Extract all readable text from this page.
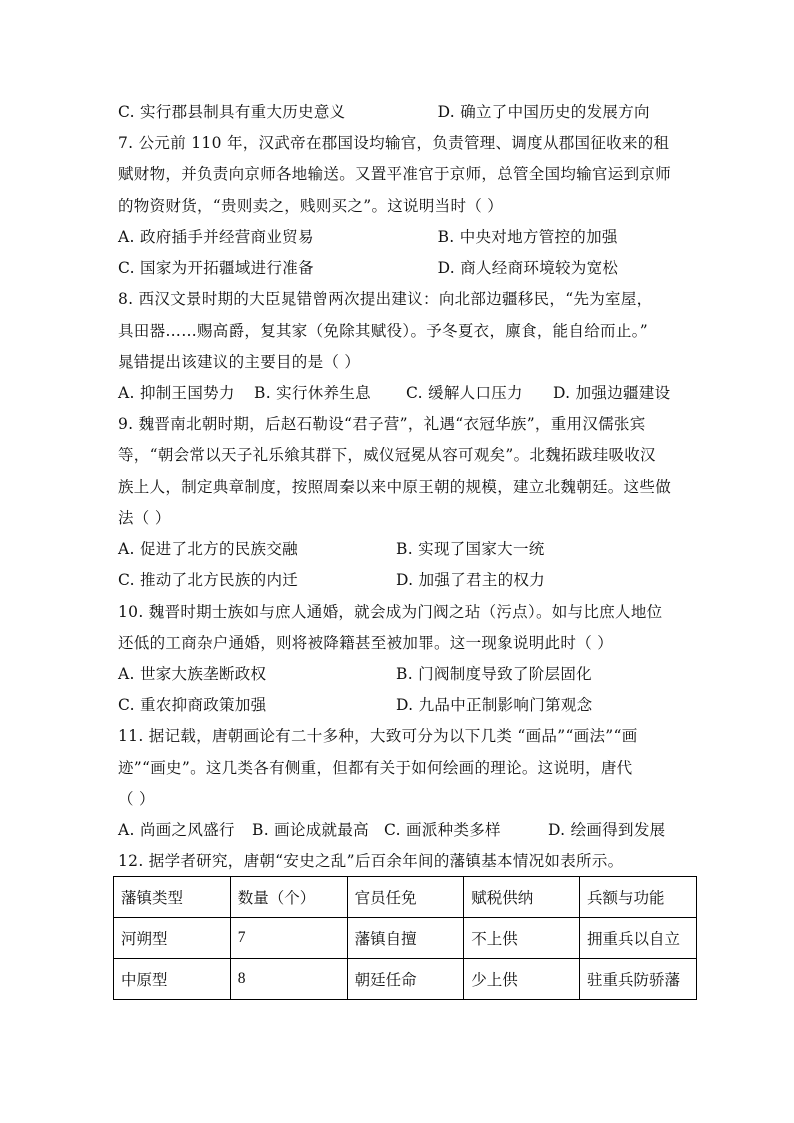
C. 实行郡县制具有重大历史意义	D. 确立了中国历史的发展方向
7. 公元前 110 年，汉武帝在郡国设均输官，负责管理、调度从郡国征收来的租
赋财物，并负责向京师各地输送。又置平准官于京师，总管全国均输官运到京师
的物资财货，“贵则卖之，贱则买之”。这说明当时（ ）
A. 政府插手并经营商业贸易	B. 中央对地方管控的加强
C. 国家为开拓疆域进行准备	D. 商人经商环境较为宽松
8. 西汉文景时期的大臣晁错曾两次提出建议：向北部边疆移民，“先为室屋，
具田器……赐高爵，复其家（免除其赋役）。予冬夏衣，廪食，能自给而止。”
晁错提出该建议的主要目的是（ ）
A. 抑制王国势力	B. 实行休养生息	C. 缓解人口压力	D. 加强边疆建设
9. 魏晋南北朝时期，后赵石勒设“君子营”，礼遇“衣冠华族”，重用汉儒张宾
等，“朝会常以天子礼乐飨其群下，威仪冠冕从容可观矣”。北魏拓跋珪吸收汉
族上人，制定典章制度，按照周秦以来中原王朝的规模，建立北魏朝廷。这些做
法（ ）
A. 促进了北方的民族交融	B. 实现了国家大一统
C. 推动了北方民族的内迁	D. 加强了君主的权力
10. 魏晋时期士族如与庶人通婚，就会成为门阀之玷（污点）。如与比庶人地位
还低的工商杂户通婚，则将被降籍甚至被加罪。这一现象说明此时（ ）
A. 世家大族垄断政权	B. 门阀制度导致了阶层固化
C. 重农抑商政策加强	D. 九品中正制影响门第观念
11. 据记载，唐朝画论有二十多种，大致可分为以下几类 “画品”“画法”“画
迹”“画史”。这几类各有侧重，但都有关于如何绘画的理论。这说明，唐代
（ ）
A. 尚画之风盛行	B. 画论成就最高 C. 画派种类多样	D. 绘画得到发展
12. 据学者研究，唐朝“安史之乱”后百余年间的藩镇基本情况如表所示。
藩镇类型	数量（个）	官员任免	赋税供纳	兵额与功能
河朔型	7	藩镇自擅	不上供	拥重兵以自立
中原型	8	朝廷任命	少上供	驻重兵防骄藩
